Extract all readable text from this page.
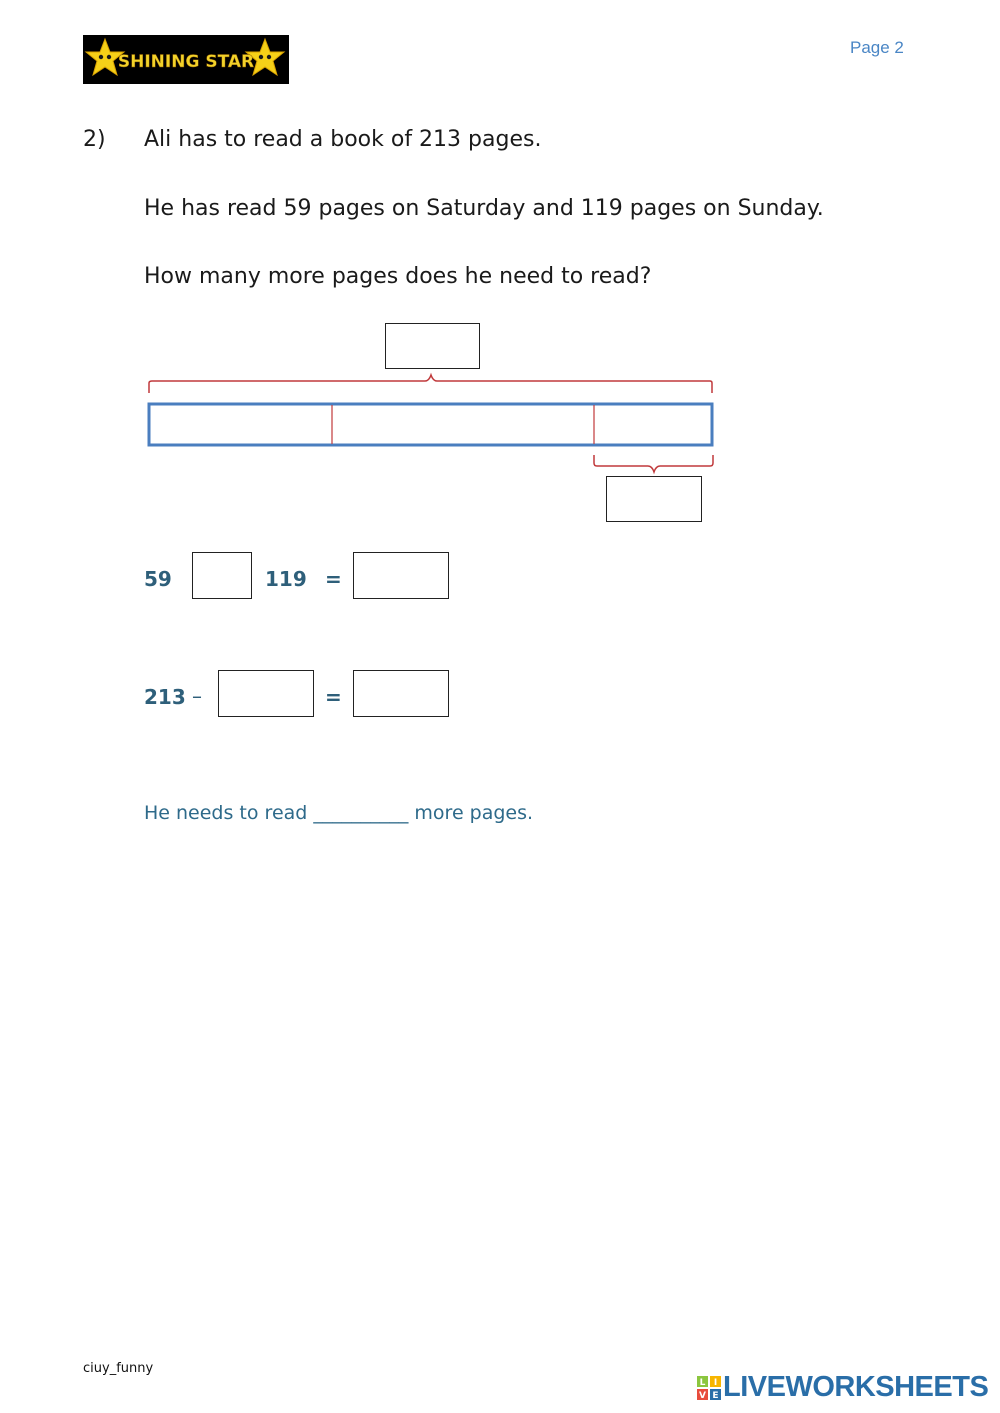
SHINING STAR
Page 2
2) Ali has to read a book of 213 pages.
He has read 59 pages on Saturday and 119 pages on Sunday.
How many more pages does he need to read?
59	119 =
213 –	=
He needs to read __________ more pages.
ciuy_funny
L I
V E LIVEWORKSHEETS
